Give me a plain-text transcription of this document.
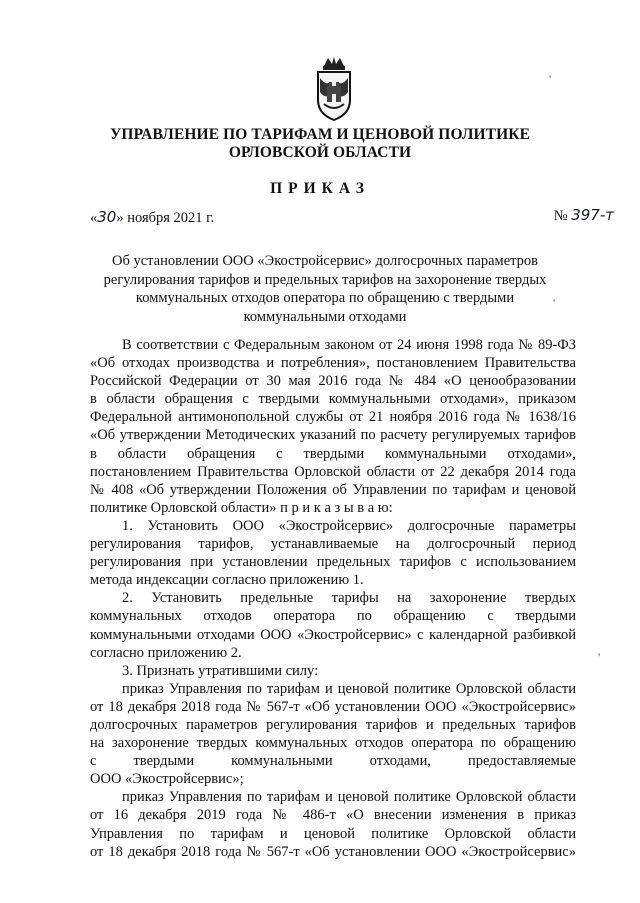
УПРАВЛЕНИЕ ПО ТАРИФАМ И ЦЕНОВОЙ ПОЛИТИКЕ
ОРЛОВСКОЙ ОБЛАСТИ
ПРИКАЗ
«30» ноября 2021 г.	№ 397-т
Об установлении ООО «Экостройсервис» долгосрочных параметров
регулирования тарифов и предельных тарифов на захоронение твердых
коммунальных отходов оператора по обращению с твердыми
коммунальными отходами
В соответствии с Федеральным законом от 24 июня 1998 года № 89-ФЗ
«Об отходах производства и потребления», постановлением Правительства
Российской Федерации от 30 мая 2016 года № 484 «О ценообразовании
в области обращения с твердыми коммунальными отходами», приказом
Федеральной антимонопольной службы от 21 ноября 2016 года № 1638/16
«Об утверждении Методических указаний по расчету регулируемых тарифов
в области обращения с твердыми коммунальными отходами»,
постановлением Правительства Орловской области от 22 декабря 2014 года
№ 408 «Об утверждении Положения об Управлении по тарифам и ценовой
политике Орловской области» п р и к а з ы в а ю:
1. Установить ООО «Экостройсервис» долгосрочные параметры
регулирования тарифов, устанавливаемые на долгосрочный период
регулирования при установлении предельных тарифов с использованием
метода индексации согласно приложению 1.
2. Установить предельные тарифы на захоронение твердых
коммунальных отходов оператора по обращению с твердыми
коммунальными отходами ООО «Экостройсервис» с календарной разбивкой
согласно приложению 2.
3. Признать утратившими силу:
приказ Управления по тарифам и ценовой политике Орловской области
от 18 декабря 2018 года № 567-т «Об установлении ООО «Экостройсервис»
долгосрочных параметров регулирования тарифов и предельных тарифов
на захоронение твердых коммунальных отходов оператора по обращению
с твердыми коммунальными отходами, предоставляемые
ООО «Экостройсервис»;
приказ Управления по тарифам и ценовой политике Орловской области
от 16 декабря 2019 года № 486-т «О внесении изменения в приказ
Управления по тарифам и ценовой политике Орловской области
от 18 декабря 2018 года № 567-т «Об установлении ООО «Экостройсервис»
'
'
'
